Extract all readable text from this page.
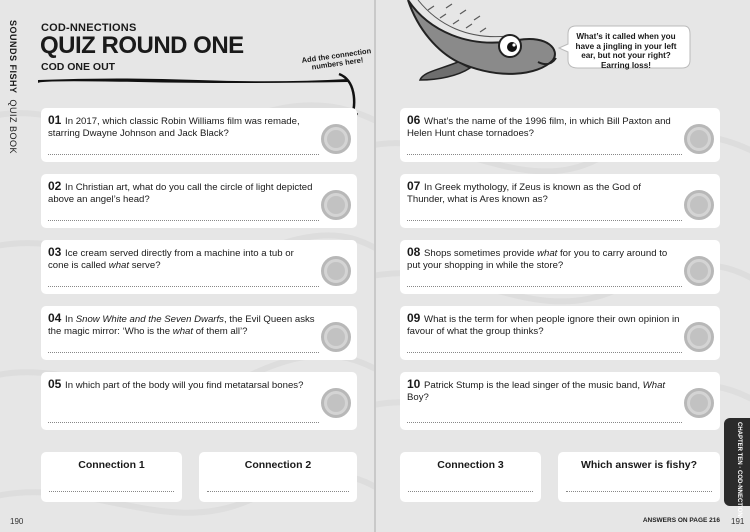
SOUNDS FISHY  QUIZ BOOK
COD-NNECTIONS
QUIZ ROUND ONE
COD ONE OUT
Add the connection numbers here!
01 In 2017, which classic Robin Williams film was remade, starring Dwayne Johnson and Jack Black?
02 In Christian art, what do you call the circle of light depicted above an angel’s head?
03 Ice cream served directly from a machine into a tub or cone is called what serve?
04 In Snow White and the Seven Dwarfs, the Evil Queen asks the magic mirror: ‘Who is the what of them all’?
05 In which part of the body will you find metatarsal bones?
Connection 1	Connection 2
190
What’s it called when you have a jingling in your left ear, but not your right? Earring loss!
06 What’s the name of the 1996 film, in which Bill Paxton and Helen Hunt chase tornadoes?
07 In Greek mythology, if Zeus is known as the God of Thunder, what is Ares known as?
08 Shops sometimes provide what for you to carry around to put your shopping in while the store?
09 What is the term for when people ignore their own opinion in favour of what the group thinks?
10 Patrick Stump is the lead singer of the music band, What Boy?
Connection 3	Which answer is fishy?	CHAPTER TEN · COD-NNECTIONS
ANSWERS ON PAGE 216 191
